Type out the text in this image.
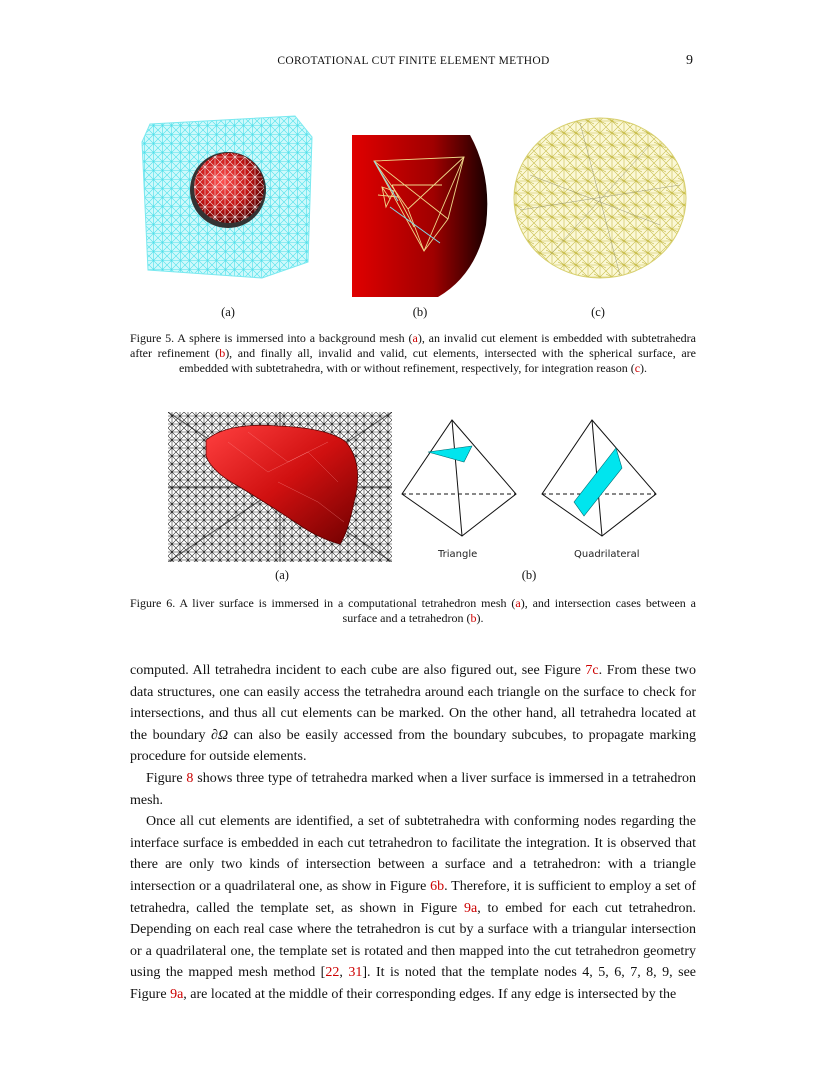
COROTATIONAL CUT FINITE ELEMENT METHOD	9
(a)	(b)	(c)
Figure 5. A sphere is immersed into a background mesh (a), an invalid cut element is embedded with subtetrahedra after refinement (b), and finally all, invalid and valid, cut elements, intersected with the spherical surface, are embedded with subtetrahedra, with or without refinement, respectively, for integration reason (c).
Triangle	Quadrilateral
(a)	(b)
Figure 6. A liver surface is immersed in a computational tetrahedron mesh (a), and intersection cases between a surface and a tetrahedron (b).

computed. All tetrahedra incident to each cube are also figured out, see Figure 7c. From these two data structures, one can easily access the tetrahedra around each triangle on the surface to check for intersections, and thus all cut elements can be marked. On the other hand, all tetrahedra located at the boundary ∂Ω can also be easily accessed from the boundary subcubes, to propagate marking procedure for outside elements.

Figure 8 shows three type of tetrahedra marked when a liver surface is immersed in a tetrahedron mesh.

Once all cut elements are identified, a set of subtetrahedra with conforming nodes regarding the interface surface is embedded in each cut tetrahedron to facilitate the integration. It is observed that there are only two kinds of intersection between a surface and a tetrahedron: with a triangle intersection or a quadrilateral one, as show in Figure 6b. Therefore, it is sufficient to employ a set of tetrahedra, called the template set, as shown in Figure 9a, to embed for each cut tetrahedron. Depending on each real case where the tetrahedron is cut by a surface with a triangular intersection or a quadrilateral one, the template set is rotated and then mapped into the cut tetrahedron geometry using the mapped mesh method [22, 31]. It is noted that the template nodes 4, 5, 6, 7, 8, 9, see Figure 9a, are located at the middle of their corresponding edges. If any edge is intersected by the
